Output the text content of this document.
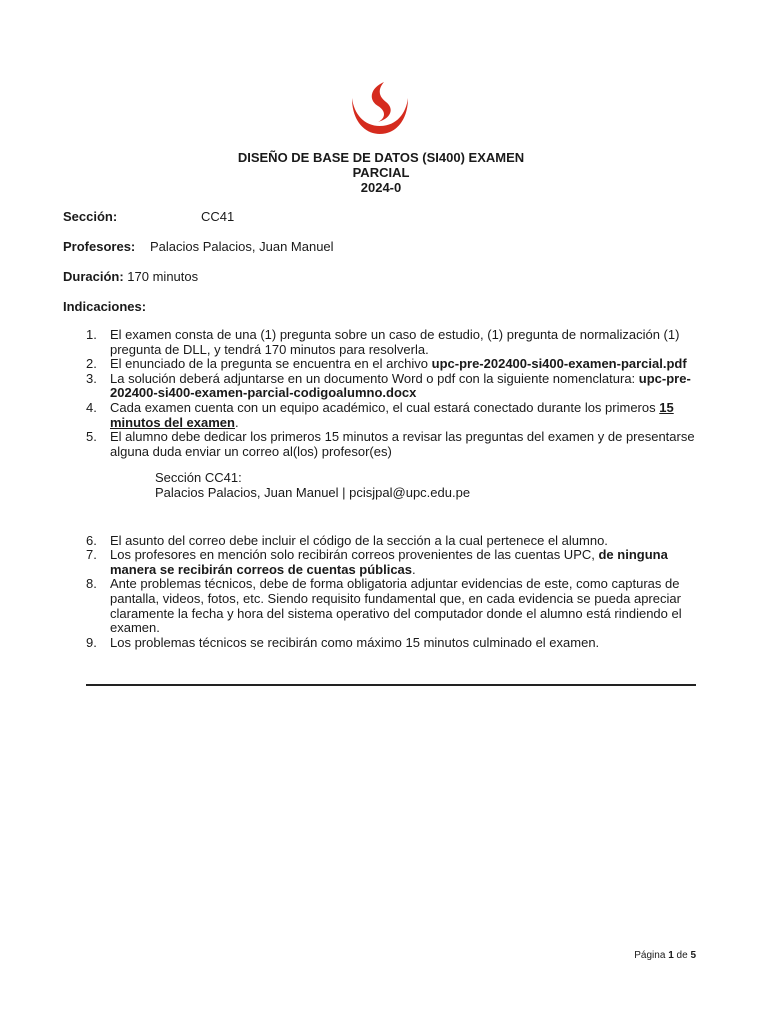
DISEÑO DE BASE DE DATOS (SI400) EXAMEN
PARCIAL
2024-0
Sección:	CC41
Profesores: Palacios Palacios, Juan Manuel
Duración: 170 minutos
Indicaciones:

1. El examen consta de una (1) pregunta sobre un caso de estudio, (1) pregunta de normalización (1) pregunta de DLL, y tendrá 170 minutos para resolverla.

2. El enunciado de la pregunta se encuentra en el archivo upc-pre-202400-si400-examen-parcial.pdf

3. La solución deberá adjuntarse en un documento Word o pdf con la siguiente nomenclatura: upc-pre-202400-si400-examen-parcial-codigoalumno.docx

4. Cada examen cuenta con un equipo académico, el cual estará conectado durante los primeros 15 minutos del examen.

5. El alumno debe dedicar los primeros 15 minutos a revisar las preguntas del examen y de presentarse alguna duda enviar un correo al(los) profesor(es)

Sección CC41:
Palacios Palacios, Juan Manuel | pcisjpal@upc.edu.pe

6. El asunto del correo debe incluir el código de la sección a la cual pertenece el alumno.

7. Los profesores en mención solo recibirán correos provenientes de las cuentas UPC, de ninguna manera se recibirán correos de cuentas públicas.

8. Ante problemas técnicos, debe de forma obligatoria adjuntar evidencias de este, como capturas de pantalla, videos, fotos, etc. Siendo requisito fundamental que, en cada evidencia se pueda apreciar claramente la fecha y hora del sistema operativo del computador donde el alumno está rindiendo el examen.

9. Los problemas técnicos se recibirán como máximo 15 minutos culminado el examen.

Página 1 de 5
